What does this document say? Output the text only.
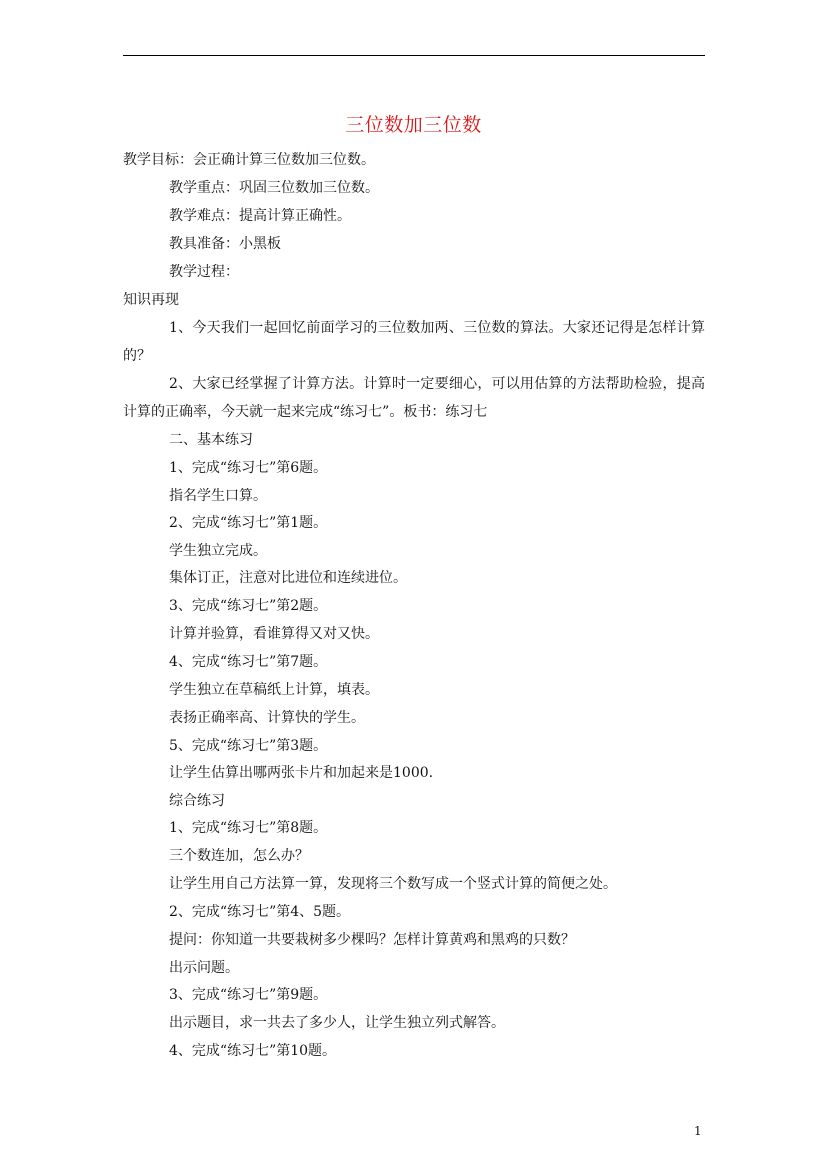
三位数加三位数
教学目标：会正确计算三位数加三位数。
教学重点：巩固三位数加三位数。
教学难点：提高计算正确性。
教具准备：小黑板
教学过程：
知识再现
1、今天我们一起回忆前面学习的三位数加两、三位数的算法。大家还记得是怎样计算的？
2、大家已经掌握了计算方法。计算时一定要细心，可以用估算的方法帮助检验，提高计算的正确率，今天就一起来完成“练习七”。板书：练习七
二、基本练习
1、完成“练习七”第6题。
指名学生口算。
2、完成“练习七”第1题。
学生独立完成。
集体订正，注意对比进位和连续进位。
3、完成“练习七”第2题。
计算并验算，看谁算得又对又快。
4、完成“练习七”第7题。
学生独立在草稿纸上计算，填表。
表扬正确率高、计算快的学生。
5、完成“练习七”第3题。
让学生估算出哪两张卡片和加起来是1000.
综合练习
1、完成“练习七”第8题。
三个数连加，怎么办？
让学生用自己方法算一算，发现将三个数写成一个竖式计算的简便之处。
2、完成“练习七”第4、5题。
提问：你知道一共要栽树多少棵吗？怎样计算黄鸡和黑鸡的只数？
出示问题。
3、完成“练习七”第9题。
出示题目，求一共去了多少人，让学生独立列式解答。
4、完成“练习七”第10题。
1
